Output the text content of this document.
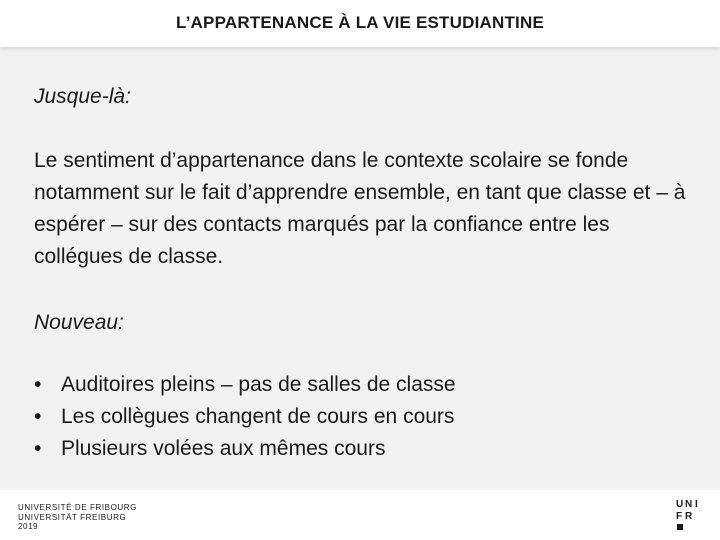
L’APPARTENANCE À LA VIE ESTUDIANTINE
Jusque-là:
Le sentiment d’appartenance dans le contexte scolaire se fonde notamment sur le fait d’apprendre ensemble, en tant que classe et – à espérer – sur des contacts marqués par la confiance entre les collégues de classe.
Nouveau:
• Auditoires pleins – pas de salles de classe
• Les collègues changent de cours en cours
• Plusieurs volées aux mêmes cours
UNIVERSITÉ DE FRIBOURG
UNIVERSITÄT FREIBURG
2019
U N I
F R
